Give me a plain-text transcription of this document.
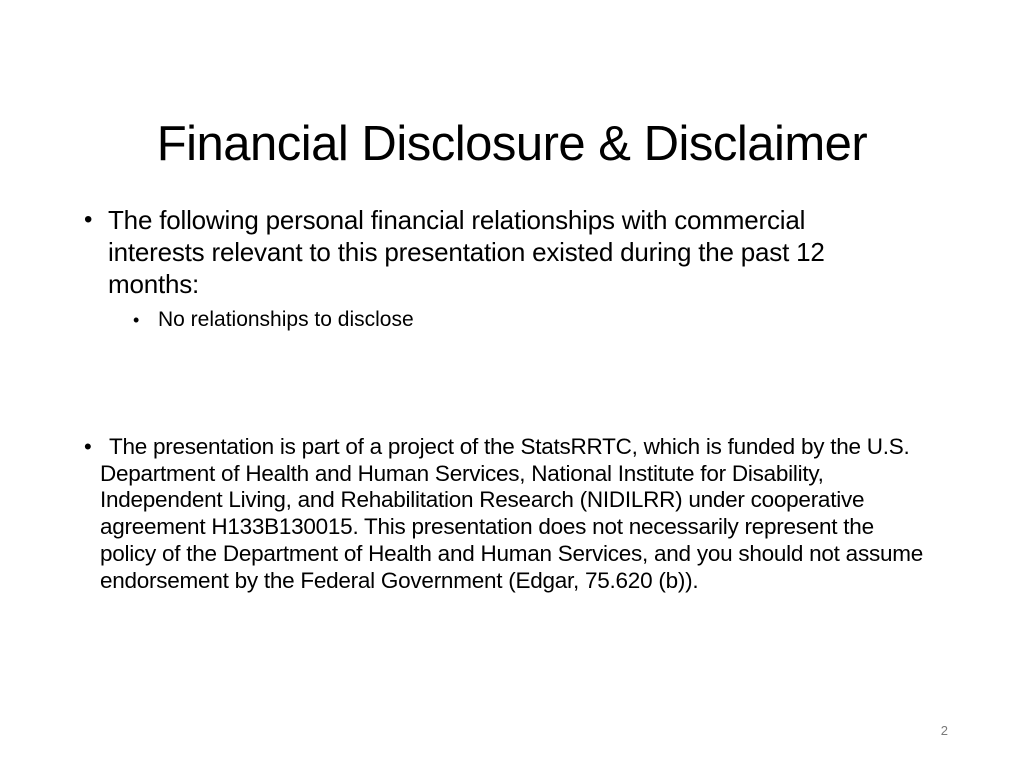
Financial Disclosure & Disclaimer
• The following personal financial relationships with commercial interests relevant to this presentation existed during the past 12 months:
• No relationships to disclose
• The presentation is part of a project of the StatsRRTC, which is funded by the U.S. Department of Health and Human Services, National Institute for Disability, Independent Living, and Rehabilitation Research (NIDILRR) under cooperative agreement H133B130015. This presentation does not necessarily represent the policy of the Department of Health and Human Services, and you should not assume endorsement by the Federal Government (Edgar, 75.620 (b)).
2
